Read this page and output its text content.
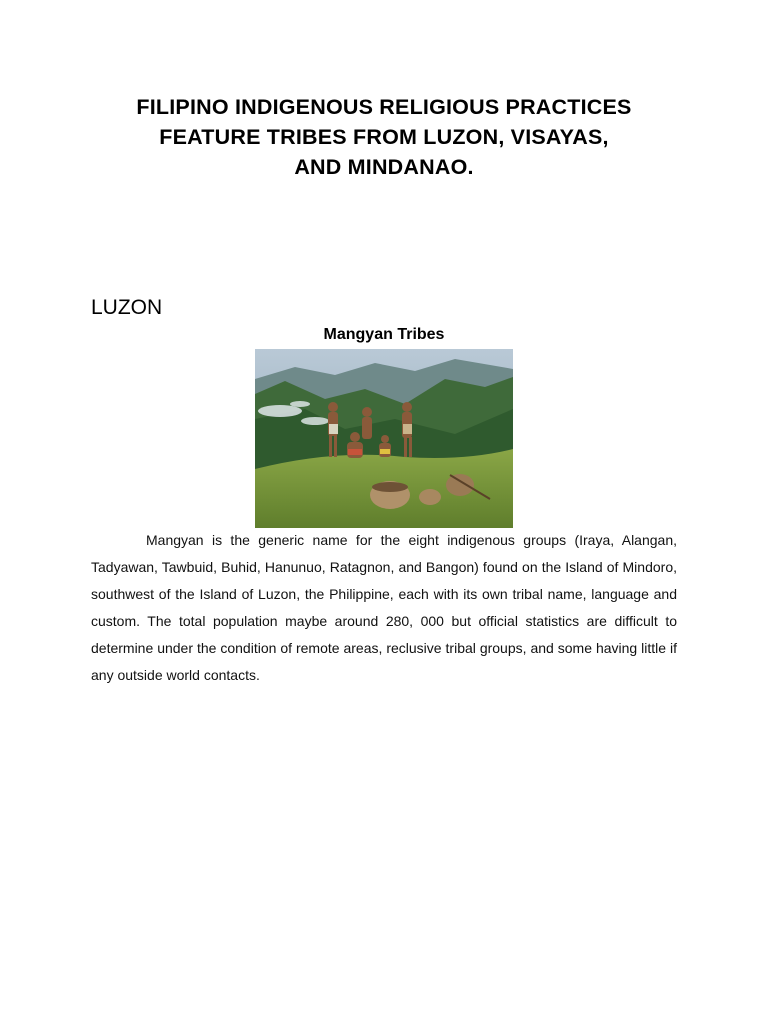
FILIPINO INDIGENOUS RELIGIOUS PRACTICES
FEATURE TRIBES FROM LUZON, VISAYAS,
AND MINDANAO.
LUZON
Mangyan Tribes

Mangyan is the generic name for the eight indigenous groups (Iraya, Alangan, Tadyawan, Tawbuid, Buhid, Hanunuo, Ratagnon, and Bangon) found on the Island of Mindoro, southwest of the Island of Luzon, the Philippine, each with its own tribal name, language and custom. The total population maybe around 280, 000 but official statistics are difficult to determine under the condition of remote areas, reclusive tribal groups, and some having little if any outside world contacts.
